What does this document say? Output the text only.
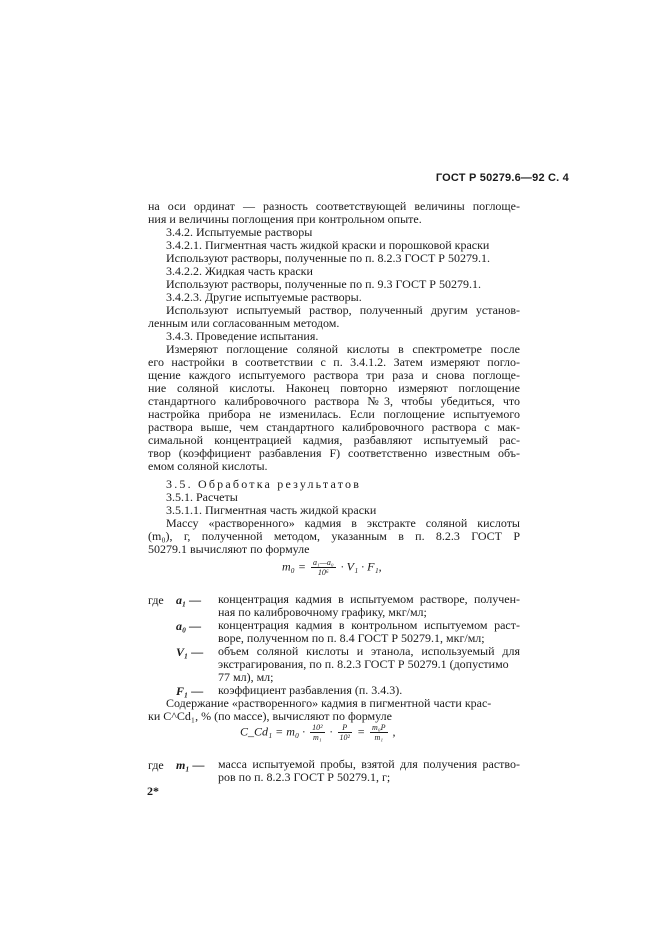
ГОСТ Р 50279.6—92 С. 4
на оси ординат — разность соответствующей величины поглоще-
ния и величины поглощения при контрольном опыте.
3.4.2. Испытуемые растворы
3.4.2.1. Пигментная часть жидкой краски и порошковой краски
Используют растворы, полученные по п. 8.2.3 ГОСТ Р 50279.1.
3.4.2.2. Жидкая часть краски
Используют растворы, полученные по п. 9.3 ГОСТ Р 50279.1.
3.4.2.3. Другие испытуемые растворы.
Используют испытуемый раствор, полученный другим установ-
ленным или согласованным методом.
3.4.3. Проведение испытания.
Измеряют поглощение соляной кислоты в спектрометре после
его настройки в соответствии с п. 3.4.1.2. Затем измеряют погло-
щение каждого испытуемого раствора три раза и снова поглоще-
ние соляной кислоты. Наконец повторно измеряют поглощение
стандартного калибровочного раствора №3, чтобы убедиться, что
настройка прибора не изменилась. Если поглощение испытуемого
раствора выше, чем стандартного калибровочного раствора с мак-
симальной концентрацией кадмия, разбавляют испытуемый рас-
твор (коэффициент разбавления F) соответственно известным объ-
емом соляной кислоты.
3.5. Обработка результатов
3.5.1. Расчеты
3.5.1.1. Пигментная часть жидкой краски
Массу «растворенного» кадмия в экстракте соляной кислоты
(m₀), г, полученной методом, указанным в п. 8.2.3 ГОСТ Р
50279.1 вычисляют по формуле
$m_0 = \frac{\text{a₁—a₀}}{\text{10⁶}} \cdot V_1 \cdot F_1$,
где a₁ — концентрация кадмия в испытуемом растворе, получен-
ная по калибровочному графику, мкг/мл;
a₀ — концентрация кадмия в контрольном испытуемом раст-
воре, полученном по п. 8.4 ГОСТ Р 50279.1, мкг/мл;
V₁ — объем соляной кислоты и этанола, используемый для
экстрагирования, по п. 8.2.3 ГОСТ Р 50279.1 (допустимо
77 мл), мл;
F₁ — коэффициент разбавления (п. 3.4.3).
Содержание «растворенного» кадмия в пигментной части крас-
ки C^Cd₁, % (по массе), вычисляют по формуле
C_Cd₁ = $m_0 \cdot \frac{\text{10²}}{\text{m₁}} \cdot \frac{P}{\text{10²}} = \frac{\text{m₀P}}{\text{m₁}}$ ,
где m₁ — масса испытуемой пробы, взятой для получения раство-
ров по п. 8.2.3 ГОСТ Р 50279.1, г;
2*
